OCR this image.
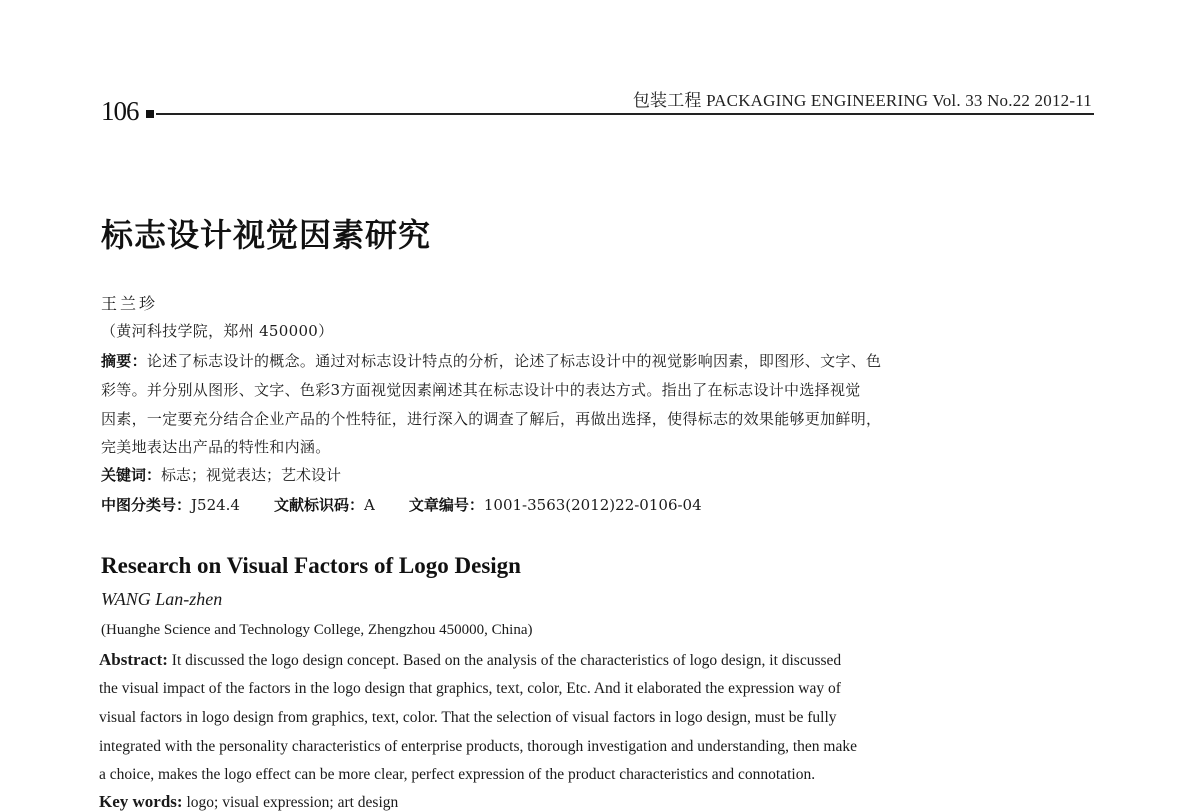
包装工程 PACKAGING ENGINEERING Vol. 33 No.22 2012-11
106
标志设计视觉因素研究
王兰珍
（黄河科技学院，郑州 450000）
摘要：论述了标志设计的概念。通过对标志设计特点的分析，论述了标志设计中的视觉影响因素，即图形、文字、色
彩等。并分别从图形、文字、色彩3方面视觉因素阐述其在标志设计中的表达方式。指出了在标志设计中选择视觉
因素，一定要充分结合企业产品的个性特征，进行深入的调查了解后，再做出选择，使得标志的效果能够更加鲜明，
完美地表达出产品的特性和内涵。
关键词：标志；视觉表达；艺术设计
中图分类号：J524.4 文献标识码：A 文章编号：1001-3563(2012)22-0106-04
Research on Visual Factors of Logo Design
WANG Lan-zhen
(Huanghe Science and Technology College, Zhengzhou 450000, China)
Abstract: It discussed the logo design concept. Based on the analysis of the characteristics of logo design, it discussed
the visual impact of the factors in the logo design that graphics, text, color, Etc. And it elaborated the expression way of
visual factors in logo design from graphics, text, color. That the selection of visual factors in logo design, must be fully
integrated with the personality characteristics of enterprise products, thorough investigation and understanding, then make
a choice, makes the logo effect can be more clear, perfect expression of the product characteristics and connotation.
Key words: logo; visual expression; art design
